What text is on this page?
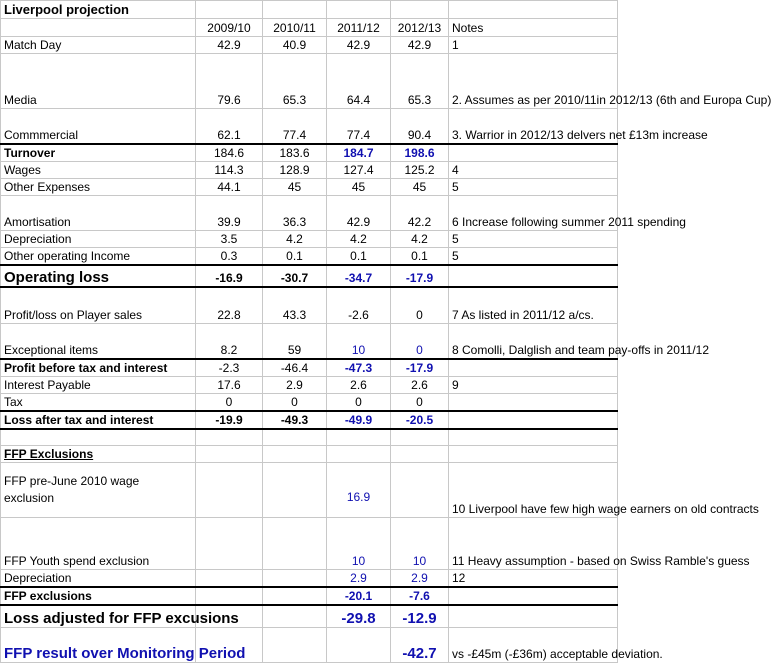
Liverpool projection					
	2009/10	2010/11	2011/12	2012/13	Notes
Match Day	42.9	40.9	42.9	42.9	1
Media	79.6	65.3	64.4	65.3	2. Assumes as per 2010/11in 2012/13 (6th and Europa Cup)
Commmercial	62.1	77.4	77.4	90.4	3. Warrior in 2012/13 delvers net £13m increase
Turnover	184.6	183.6	184.7	198.6	
Wages	114.3	128.9	127.4	125.2	4
Other Expenses	44.1	45	45	45	5
Amortisation	39.9	36.3	42.9	42.2	6 Increase following summer 2011 spending
Depreciation	3.5	4.2	4.2	4.2	5
Other operating Income	0.3	0.1	0.1	0.1	5
Operating loss	-16.9	-30.7	-34.7	-17.9	
Profit/loss on Player sales	22.8	43.3	-2.6	0	7 As listed in 2011/12 a/cs.
Exceptional items	8.2	59	10	0	8 Comolli, Dalglish and team pay-offs in 2011/12
Profit before tax and interest	-2.3	-46.4	-47.3	-17.9	
Interest Payable	17.6	2.9	2.6	2.6	9
Tax	0	0	0	0	
Loss after tax and interest	-19.9	-49.3	-49.9	-20.5	

FFP Exclusions					
FFP pre-June 2010 wage
exclusion			16.9		10 Liverpool have few high wage earners on old contracts
FFP Youth spend exclusion			10	10	11 Heavy assumption - based on Swiss Ramble's guess
Depreciation			2.9	2.9	12
FFP exclusions			-20.1	-7.6	
Loss adjusted for FFP excusions			-29.8	-12.9	
FFP result over Monitoring Period				-42.7	vs -£45m (-£36m) acceptable deviation.
